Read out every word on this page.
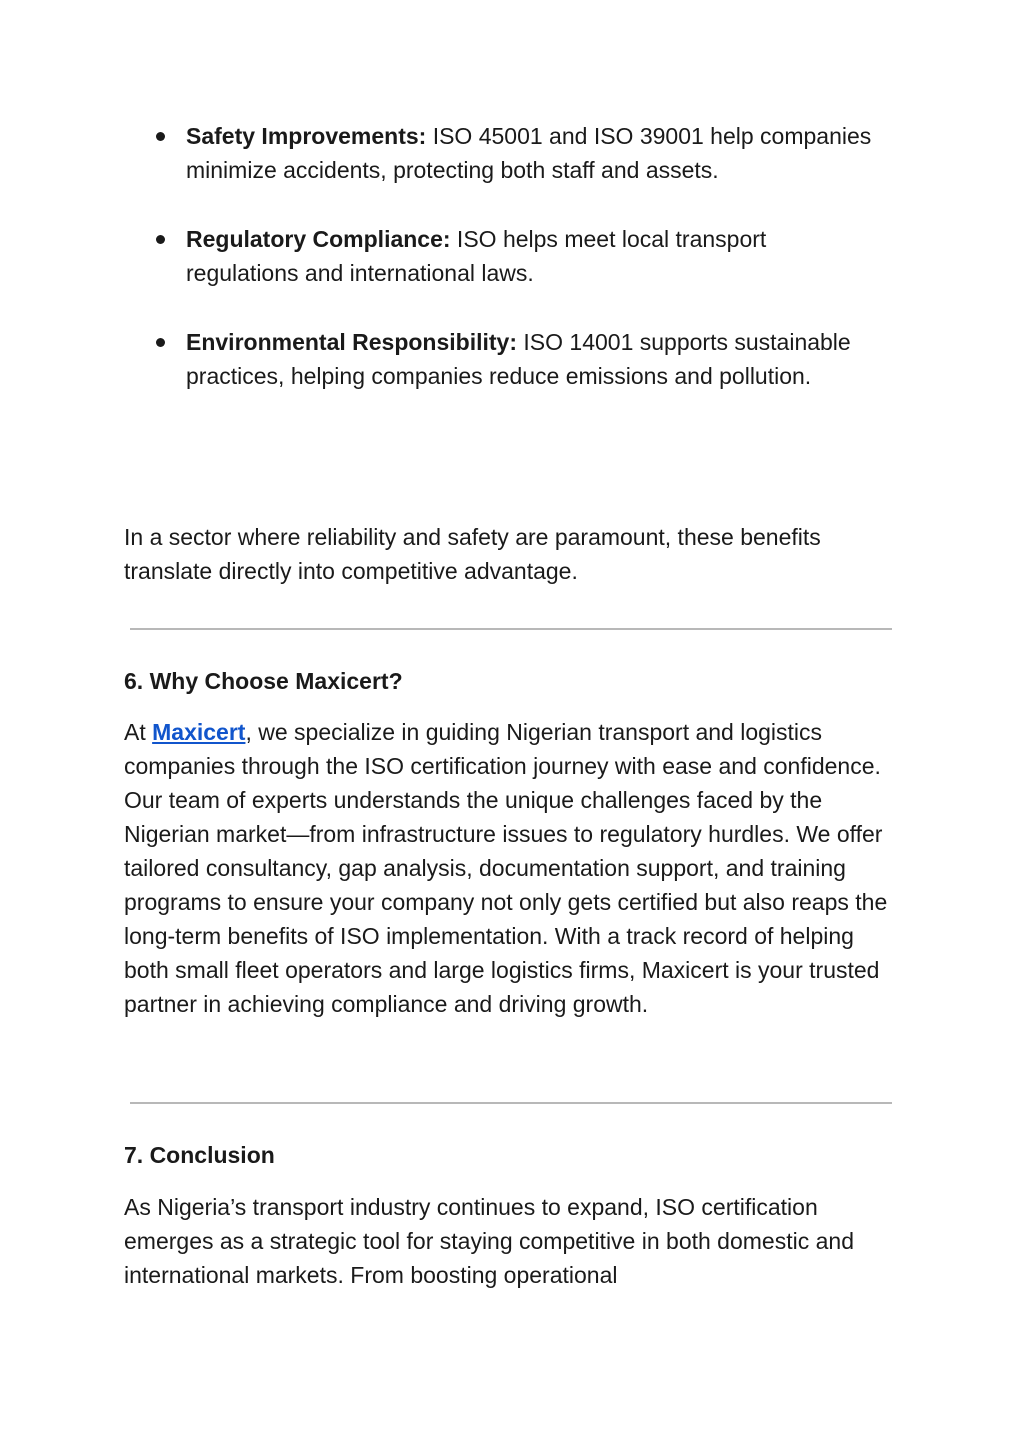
Safety Improvements: ISO 45001 and ISO 39001 help companies minimize accidents, protecting both staff and assets.
Regulatory Compliance: ISO helps meet local transport regulations and international laws.
Environmental Responsibility: ISO 14001 supports sustainable practices, helping companies reduce emissions and pollution.

In a sector where reliability and safety are paramount, these benefits translate directly into competitive advantage.

6. Why Choose Maxicert?

At Maxicert, we specialize in guiding Nigerian transport and logistics companies through the ISO certification journey with ease and confidence. Our team of experts understands the unique challenges faced by the Nigerian market—from infrastructure issues to regulatory hurdles. We offer tailored consultancy, gap analysis, documentation support, and training programs to ensure your company not only gets certified but also reaps the long-term benefits of ISO implementation. With a track record of helping both small fleet operators and large logistics firms, Maxicert is your trusted partner in achieving compliance and driving growth.

7. Conclusion

As Nigeria’s transport industry continues to expand, ISO certification emerges as a strategic tool for staying competitive in both domestic and international markets. From boosting operational
